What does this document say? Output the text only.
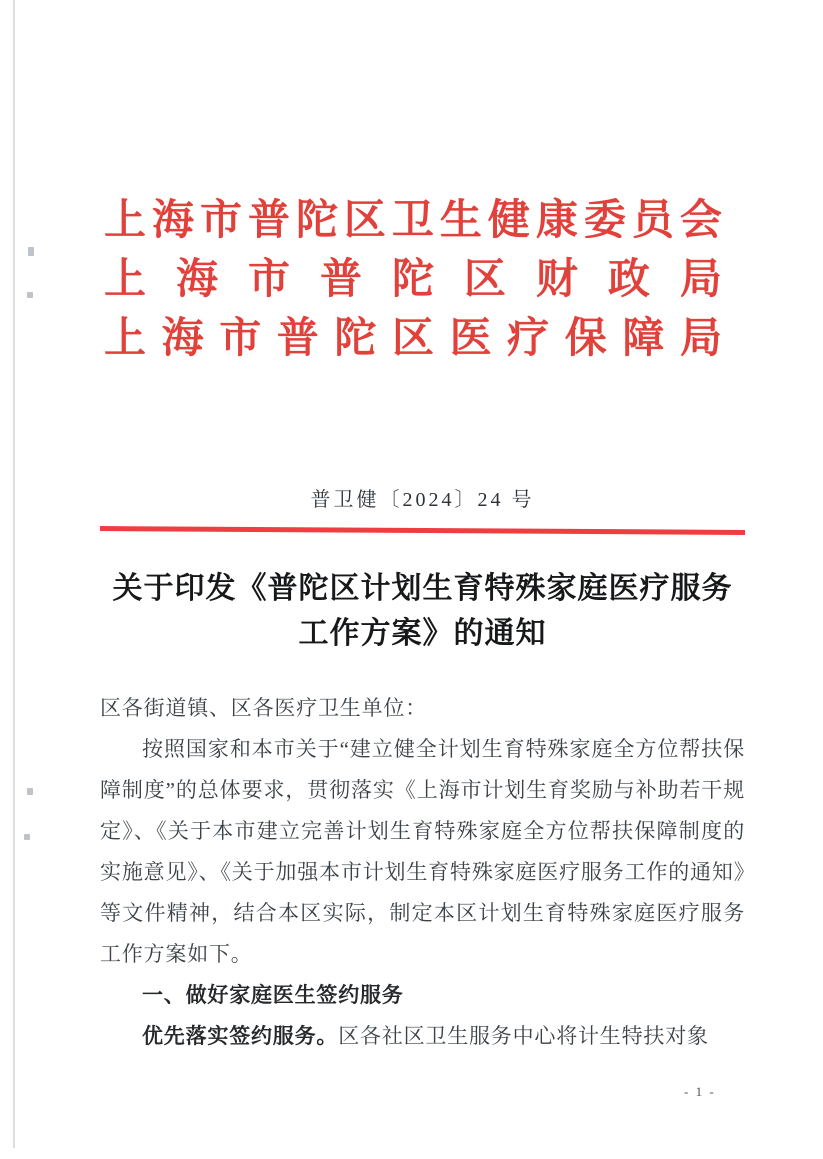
上 海 市 普 陀 区 卫 生 健 康 委 员 会
上 海 市 普 陀 区 财 政 局
上 海 市 普 陀 区 医 疗 保 障 局
普卫健〔2024〕24 号
关于印发《普陀区计划生育特殊家庭医疗服务
工作方案》的通知

区各街道镇、区各医疗卫生单位：

按照国家和本市关于“建立健全计划生育特殊家庭全方位帮扶保障制度”的总体要求，贯彻落实《上海市计划生育奖励与补助若干规定》、《关于本市建立完善计划生育特殊家庭全方位帮扶保障制度的实施意见》、《关于加强本市计划生育特殊家庭医疗服务工作的通知》等文件精神，结合本区实际，制定本区计划生育特殊家庭医疗服务工作方案如下。

一、做好家庭医生签约服务

优先落实签约服务。区各社区卫生服务中心将计生特扶对象

- 1 -
